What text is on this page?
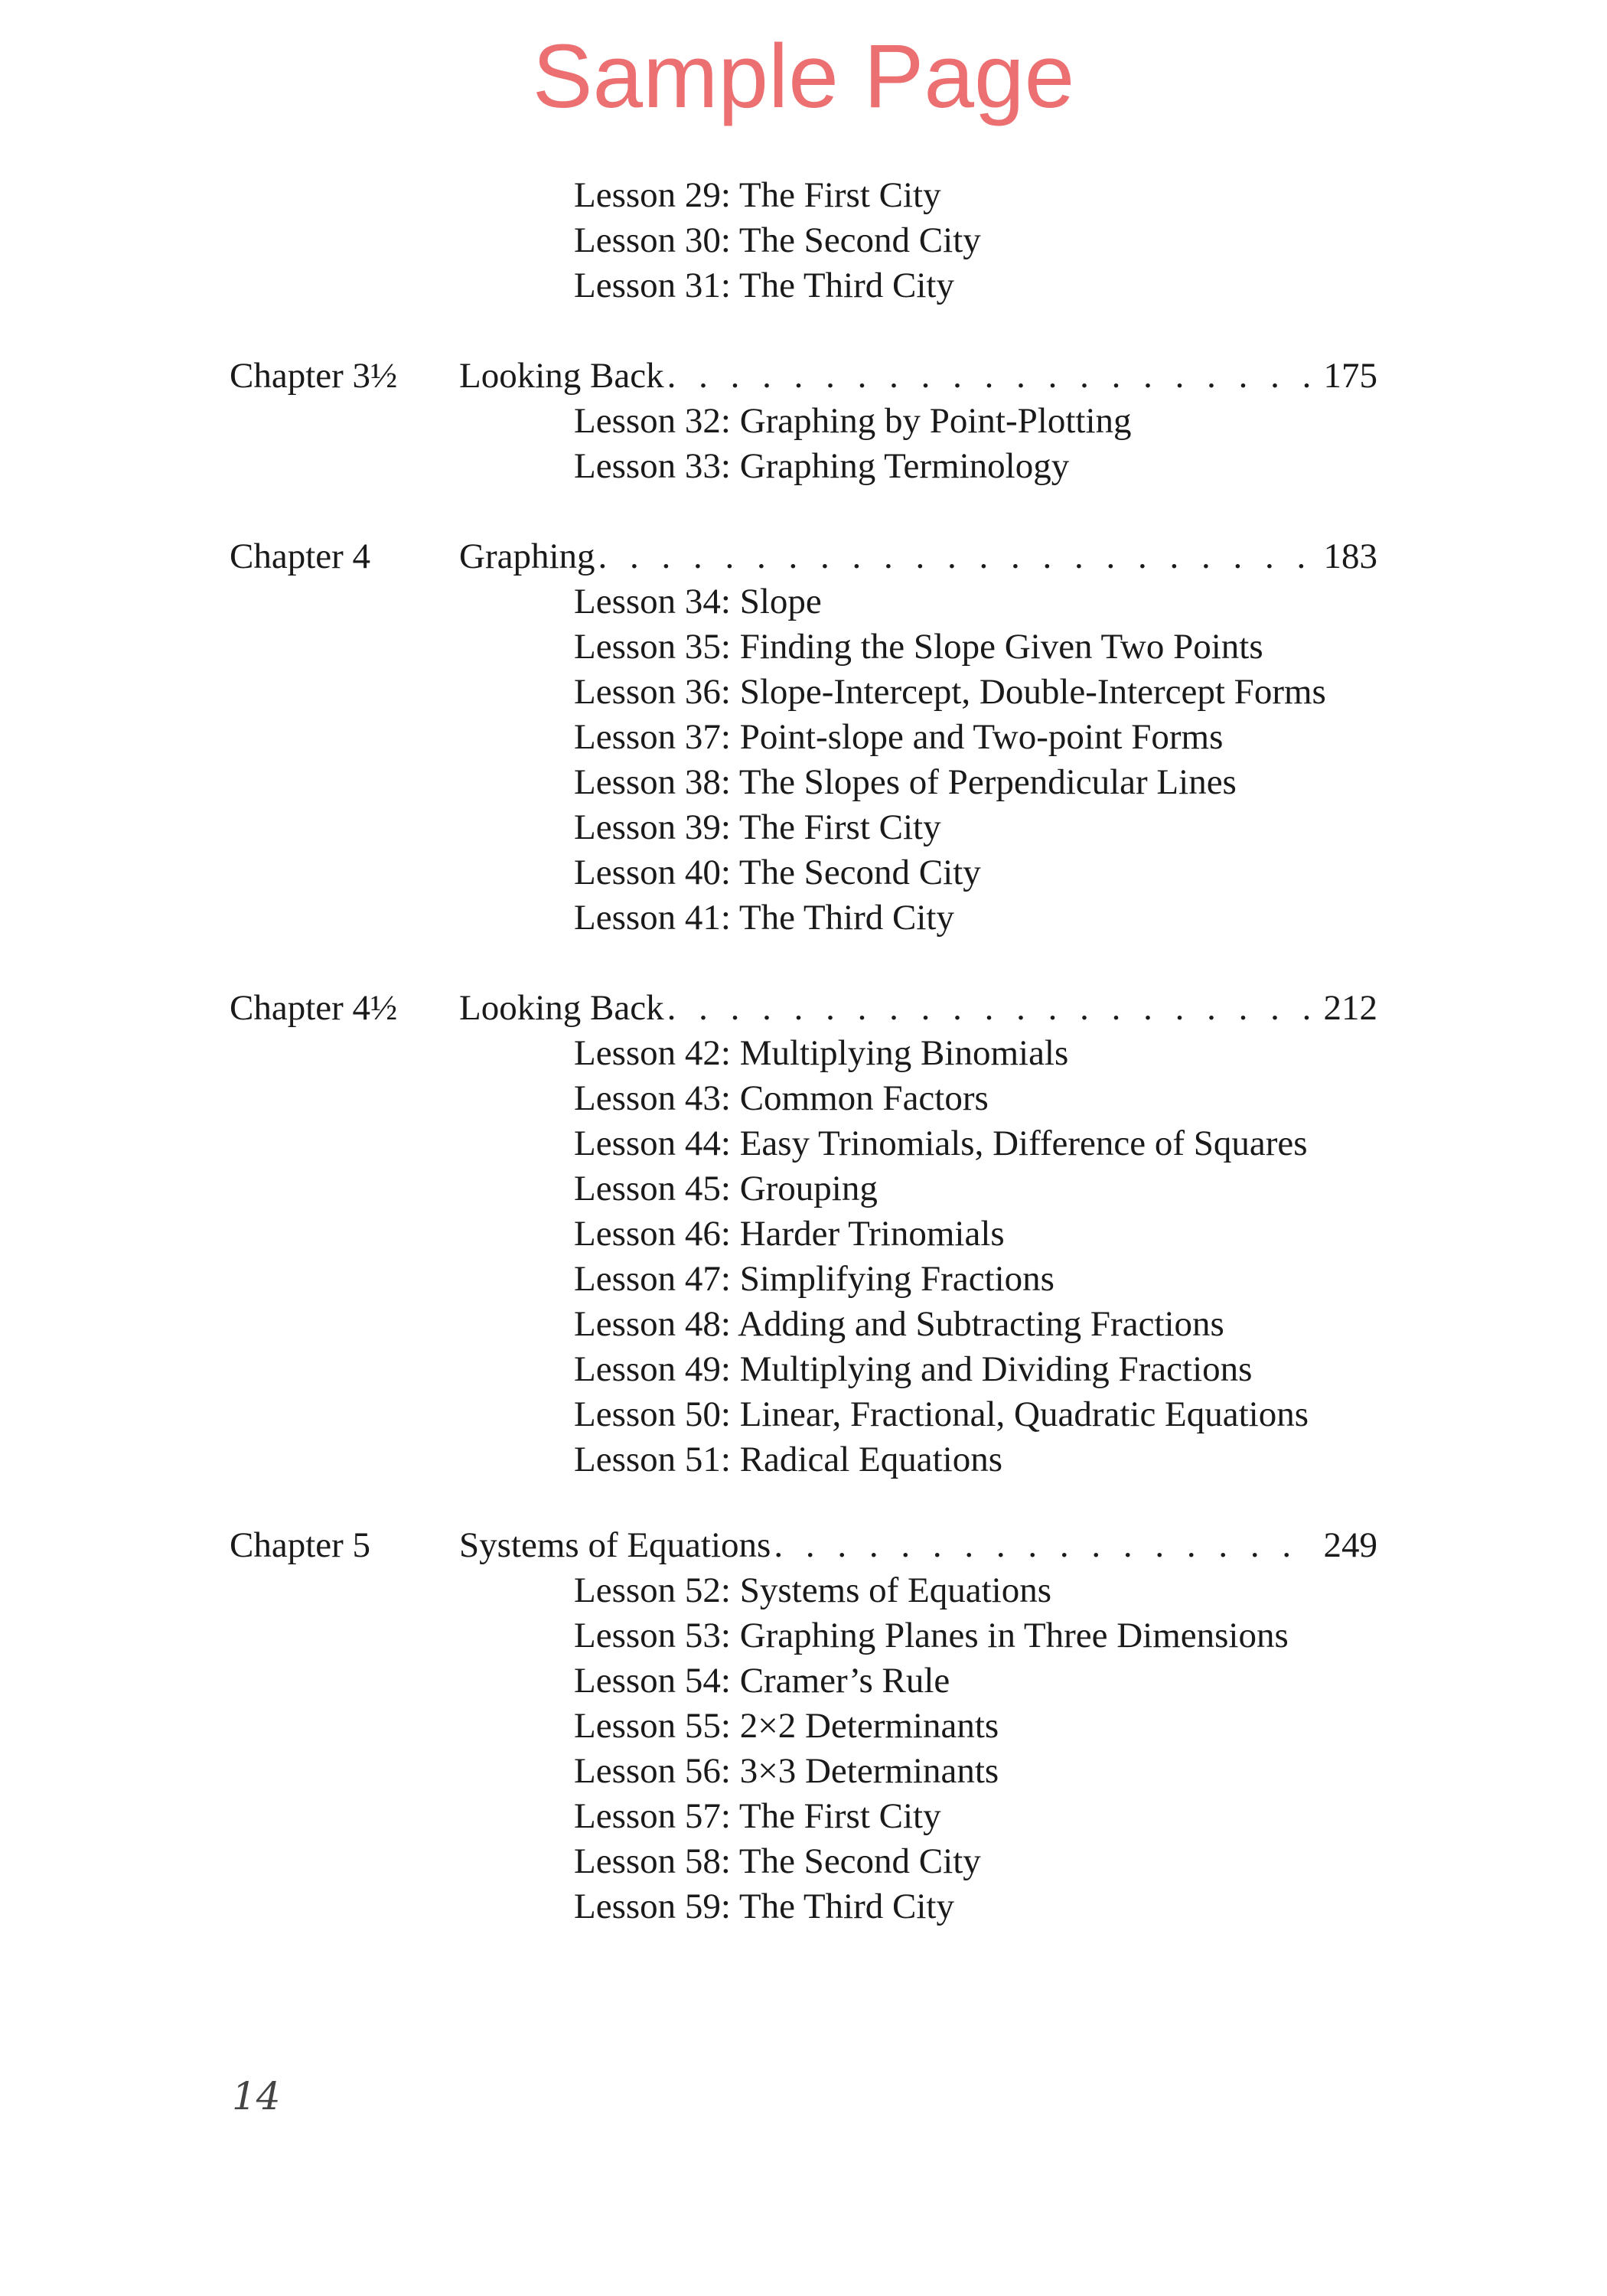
Sample Page
Lesson 29: The First City
Lesson 30: The Second City
Lesson 31: The Third City
Chapter 3½ Looking Back . . .	175
Lesson 32: Graphing by Point-Plotting
Lesson 33: Graphing Terminology
Chapter 4 Graphing . . .	183
Lesson 34: Slope
Lesson 35: Finding the Slope Given Two Points
Lesson 36: Slope-Intercept, Double-Intercept Forms
Lesson 37: Point-slope and Two-point Forms
Lesson 38: The Slopes of Perpendicular Lines
Lesson 39: The First City
Lesson 40: The Second City
Lesson 41: The Third City
Chapter 4½ Looking Back . . .	212
Lesson 42: Multiplying Binomials
Lesson 43: Common Factors
Lesson 44: Easy Trinomials, Difference of Squares
Lesson 45: Grouping
Lesson 46: Harder Trinomials
Lesson 47: Simplifying Fractions
Lesson 48: Adding and Subtracting Fractions
Lesson 49: Multiplying and Dividing Fractions
Lesson 50: Linear, Fractional, Quadratic Equations
Lesson 51: Radical Equations
Chapter 5 Systems of Equations . . .	249
Lesson 52: Systems of Equations
Lesson 53: Graphing Planes in Three Dimensions
Lesson 54: Cramer’s Rule
Lesson 55: 2×2 Determinants
Lesson 56: 3×3 Determinants
Lesson 57: The First City
Lesson 58: The Second City
Lesson 59: The Third City
14
